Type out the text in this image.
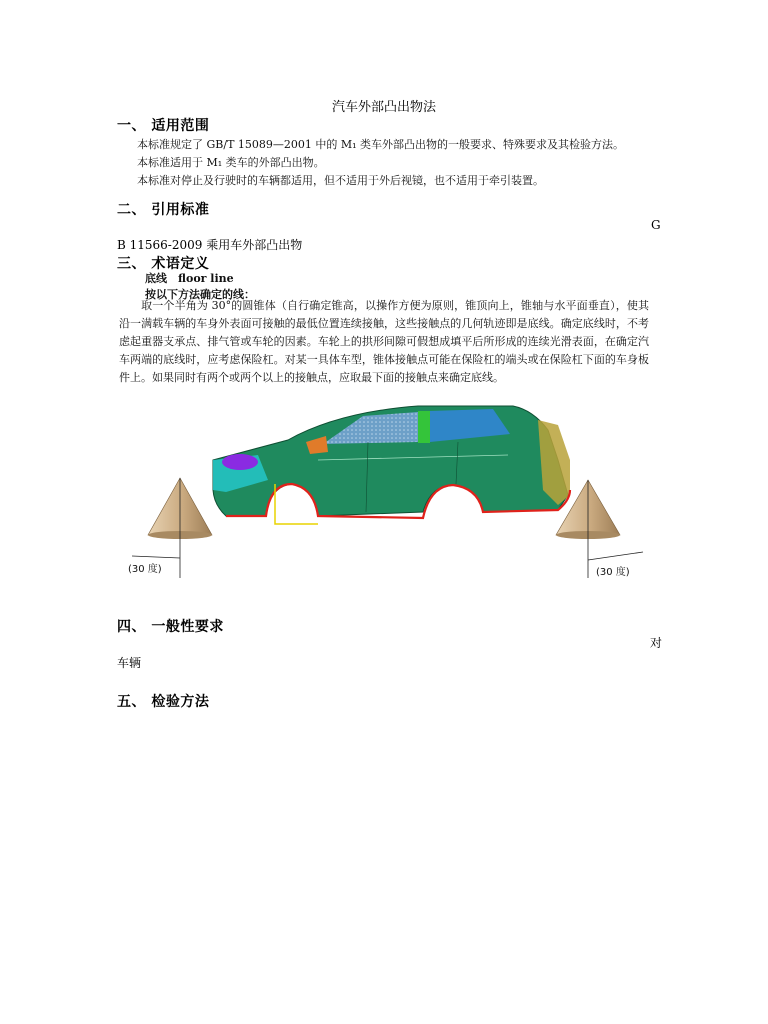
汽车外部凸出物法
一、 适用范围
本标准规定了 GB/T 15089—2001 中的 M₁ 类车外部凸出物的一般要求、特殊要求及其检验方法。
本标准适用于 M₁ 类车的外部凸出物。
本标准对停止及行驶时的车辆都适用，但不适用于外后视镜，也不适用于牵引装置。
二、 引用标准
G
B 11566-2009 乘用车外部凸出物
三、 术语定义
底线　floor line
按以下方法确定的线：
取一个半角为 30°的圆锥体（自行确定锥高，以操作方便为原则，锥顶向上，锥轴与水平面垂直），使其沿一满载车辆的车身外表面可接触的最低位置连续接触，这些接触点的几何轨迹即是底线。确定底线时，不考虑起重器支承点、排气管或车轮的因素。车轮上的拱形间隙可假想成填平后所形成的连续光滑表面，在确定汽车两端的底线时，应考虑保险杠。对某一具体车型，锥体接触点可能在保险杠的端头或在保险杠下面的车身板件上。如果同时有两个或两个以上的接触点，应取最下面的接触点来确定底线。
(30 度)	(30 度)
四、 一般性要求
对
车辆
五、 检验方法
